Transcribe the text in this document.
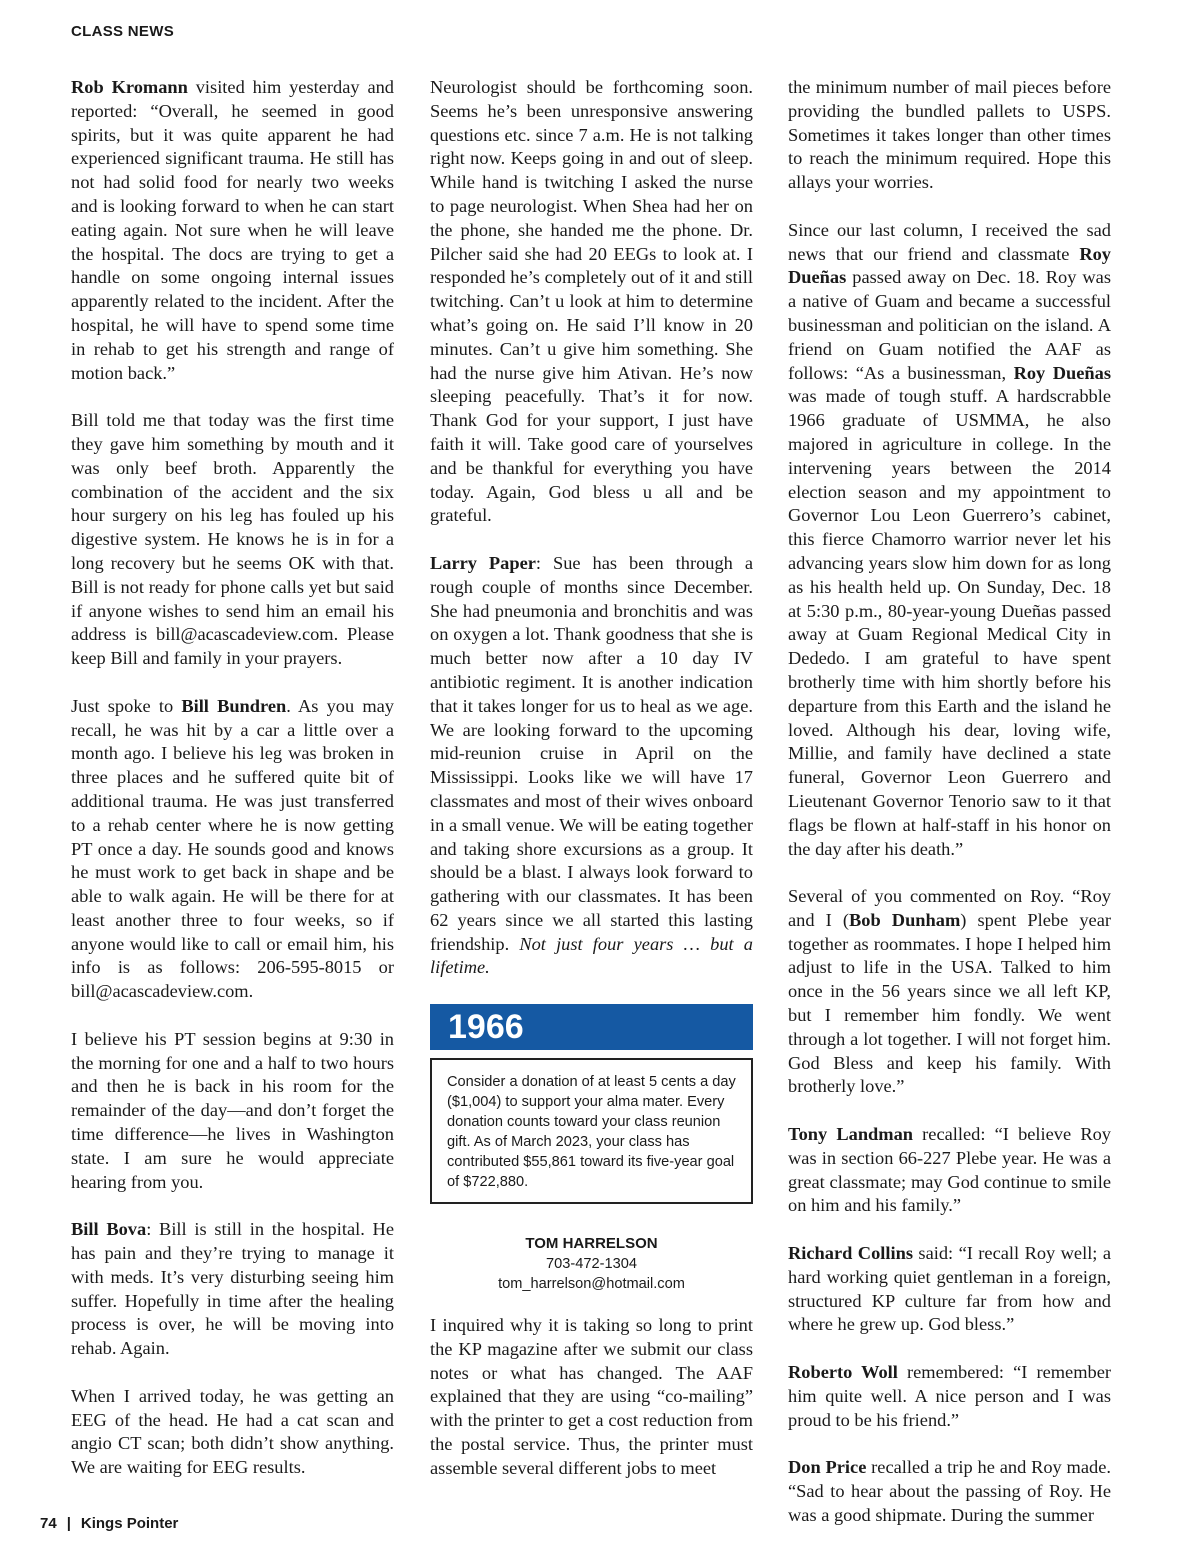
CLASS NEWS

Rob Kromann visited him yesterday and reported: “Overall, he seemed in good spirits, but it was quite apparent he had experienced significant trauma. He still has not had solid food for nearly two weeks and is looking forward to when he can start eating again. Not sure when he will leave the hospital. The docs are trying to get a handle on some ongoing internal issues apparently related to the incident. After the hospital, he will have to spend some time in rehab to get his strength and range of motion back.”

Bill told me that today was the first time they gave him something by mouth and it was only beef broth. Apparently the combination of the accident and the six hour surgery on his leg has fouled up his digestive system. He knows he is in for a long recovery but he seems OK with that. Bill is not ready for phone calls yet but said if anyone wishes to send him an email his address is bill@acascadeview.com. Please keep Bill and family in your prayers.

Just spoke to Bill Bundren. As you may recall, he was hit by a car a little over a month ago. I believe his leg was broken in three places and he suffered quite bit of additional trauma. He was just transferred to a rehab center where he is now getting PT once a day. He sounds good and knows he must work to get back in shape and be able to walk again. He will be there for at least another three to four weeks, so if anyone would like to call or email him, his info is as follows: 206-595-8015 or bill@acascadeview.com.

I believe his PT session begins at 9:30 in the morning for one and a half to two hours and then he is back in his room for the remainder of the day—and don’t forget the time difference—he lives in Washington state. I am sure he would appreciate hearing from you.

Bill Bova: Bill is still in the hospital. He has pain and they’re trying to manage it with meds. It’s very disturbing seeing him suffer. Hopefully in time after the healing process is over, he will be moving into rehab. Again.

When I arrived today, he was getting an EEG of the head. He had a cat scan and angio CT scan; both didn’t show anything. We are waiting for EEG results.

Neurologist should be forthcoming soon. Seems he’s been unresponsive answering questions etc. since 7 a.m. He is not talking right now. Keeps going in and out of sleep. While hand is twitching I asked the nurse to page neurologist. When Shea had her on the phone, she handed me the phone. Dr. Pilcher said she had 20 EEGs to look at. I responded he’s completely out of it and still twitching. Can’t u look at him to determine what’s going on. He said I’ll know in 20 minutes. Can’t u give him something. She had the nurse give him Ativan. He’s now sleeping peacefully. That’s it for now. Thank God for your support, I just have faith it will. Take good care of yourselves and be thankful for everything you have today. Again, God bless u all and be grateful.

Larry Paper: Sue has been through a rough couple of months since December. She had pneumonia and bronchitis and was on oxygen a lot. Thank goodness that she is much better now after a 10 day IV antibiotic regiment. It is another indication that it takes longer for us to heal as we age. We are looking forward to the upcoming mid-reunion cruise in April on the Mississippi. Looks like we will have 17 classmates and most of their wives onboard in a small venue. We will be eating together and taking shore excursions as a group. It should be a blast. I always look forward to gathering with our classmates. It has been 62 years since we all started this lasting friendship. Not just four years … but a lifetime.

1966
Consider a donation of at least 5 cents a day ($1,004) to support your alma mater. Every donation counts toward your class reunion gift. As of March 2023, your class has contributed $55,861 toward its five-year goal of $722,880.
TOM HARRELSON
703-472-1304
tom_harrelson@hotmail.com

I inquired why it is taking so long to print the KP magazine after we submit our class notes or what has changed. The AAF explained that they are using “co-mailing” with the printer to get a cost reduction from the postal service. Thus, the printer must assemble several different jobs to meet

the minimum number of mail pieces before providing the bundled pallets to USPS. Sometimes it takes longer than other times to reach the minimum required. Hope this allays your worries.

Since our last column, I received the sad news that our friend and classmate Roy Dueñas passed away on Dec. 18. Roy was a native of Guam and became a successful businessman and politician on the island. A friend on Guam notified the AAF as follows: “As a businessman, Roy Dueñas was made of tough stuff. A hardscrabble 1966 graduate of USMMA, he also majored in agriculture in college. In the intervening years between the 2014 election season and my appointment to Governor Lou Leon Guerrero’s cabinet, this fierce Chamorro warrior never let his advancing years slow him down for as long as his health held up. On Sunday, Dec. 18 at 5:30 p.m., 80-year-young Dueñas passed away at Guam Regional Medical City in Dededo. I am grateful to have spent brotherly time with him shortly before his departure from this Earth and the island he loved. Although his dear, loving wife, Millie, and family have declined a state funeral, Governor Leon Guerrero and Lieutenant Governor Tenorio saw to it that flags be flown at half-staff in his honor on the day after his death.”

Several of you commented on Roy. “Roy and I (Bob Dunham) spent Plebe year together as roommates. I hope I helped him adjust to life in the USA. Talked to him once in the 56 years since we all left KP, but I remember him fondly. We went through a lot together. I will not forget him. God Bless and keep his family. With brotherly love.”

Tony Landman recalled: “I believe Roy was in section 66-227 Plebe year. He was a great classmate; may God continue to smile on him and his family.”

Richard Collins said: “I recall Roy well; a hard working quiet gentleman in a foreign, structured KP culture far from how and where he grew up. God bless.”

Roberto Woll remembered: “I remember him quite well. A nice person and I was proud to be his friend.”

Don Price recalled a trip he and Roy made. “Sad to hear about the passing of Roy. He was a good shipmate. During the summer

74 | Kings Pointer
